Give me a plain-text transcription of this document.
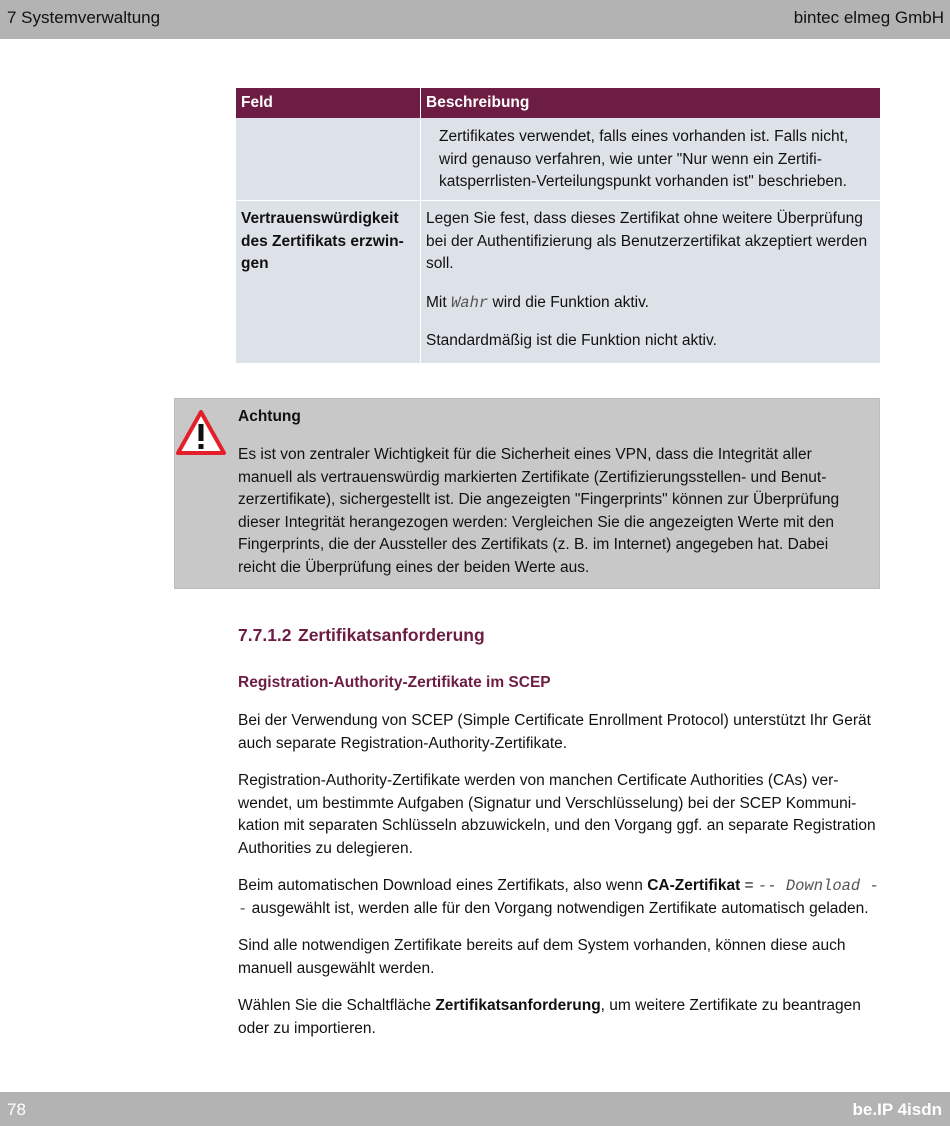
7 Systemverwaltung	bintec elmeg GmbH
Feld	Beschreibung
	Zertifikates verwendet, falls eines vorhanden ist. Falls nicht, wird genauso verfahren, wie unter "Nur wenn ein Zertifikatsperrlisten-Verteilungspunkt vorhanden ist" beschrieben.
Vertrauenswürdigkeit des Zertifikats erzwingen	Legen Sie fest, dass dieses Zertifikat ohne weitere Überprüfung bei der Authentifizierung als Benutzerzertifikat akzeptiert werden soll.

Mit Wahr wird die Funktion aktiv.

Standardmäßig ist die Funktion nicht aktiv.

Achtung
Es ist von zentraler Wichtigkeit für die Sicherheit eines VPN, dass die Integrität aller manuell als vertrauenswürdig markierten Zertifikate (Zertifizierungsstellen- und Benutzerzertifikate), sichergestellt ist. Die angezeigten "Fingerprints" können zur Überprüfung dieser Integrität herangezogen werden: Vergleichen Sie die angezeigten Werte mit den Fingerprints, die der Aussteller des Zertifikats (z. B. im Internet) angegeben hat. Dabei reicht die Überprüfung eines der beiden Werte aus.
7.7.1.2 Zertifikatsanforderung
Registration-Authority-Zertifikate im SCEP

Bei der Verwendung von SCEP (Simple Certificate Enrollment Protocol) unterstützt Ihr Gerät auch separate Registration-Authority-Zertifikate.

Registration-Authority-Zertifikate werden von manchen Certificate Authorities (CAs) verwendet, um bestimmte Aufgaben (Signatur und Verschlüsselung) bei der SCEP Kommunikation mit separaten Schlüsseln abzuwickeln, und den Vorgang ggf. an separate Registration Authorities zu delegieren.

Beim automatischen Download eines Zertifikats, also wenn CA-Zertifikat = -- Download -- ausgewählt ist, werden alle für den Vorgang notwendigen Zertifikate automatisch geladen.

Sind alle notwendigen Zertifikate bereits auf dem System vorhanden, können diese auch manuell ausgewählt werden.

Wählen Sie die Schaltfläche Zertifikatsanforderung, um weitere Zertifikate zu beantragen oder zu importieren.

78	be.IP 4isdn
